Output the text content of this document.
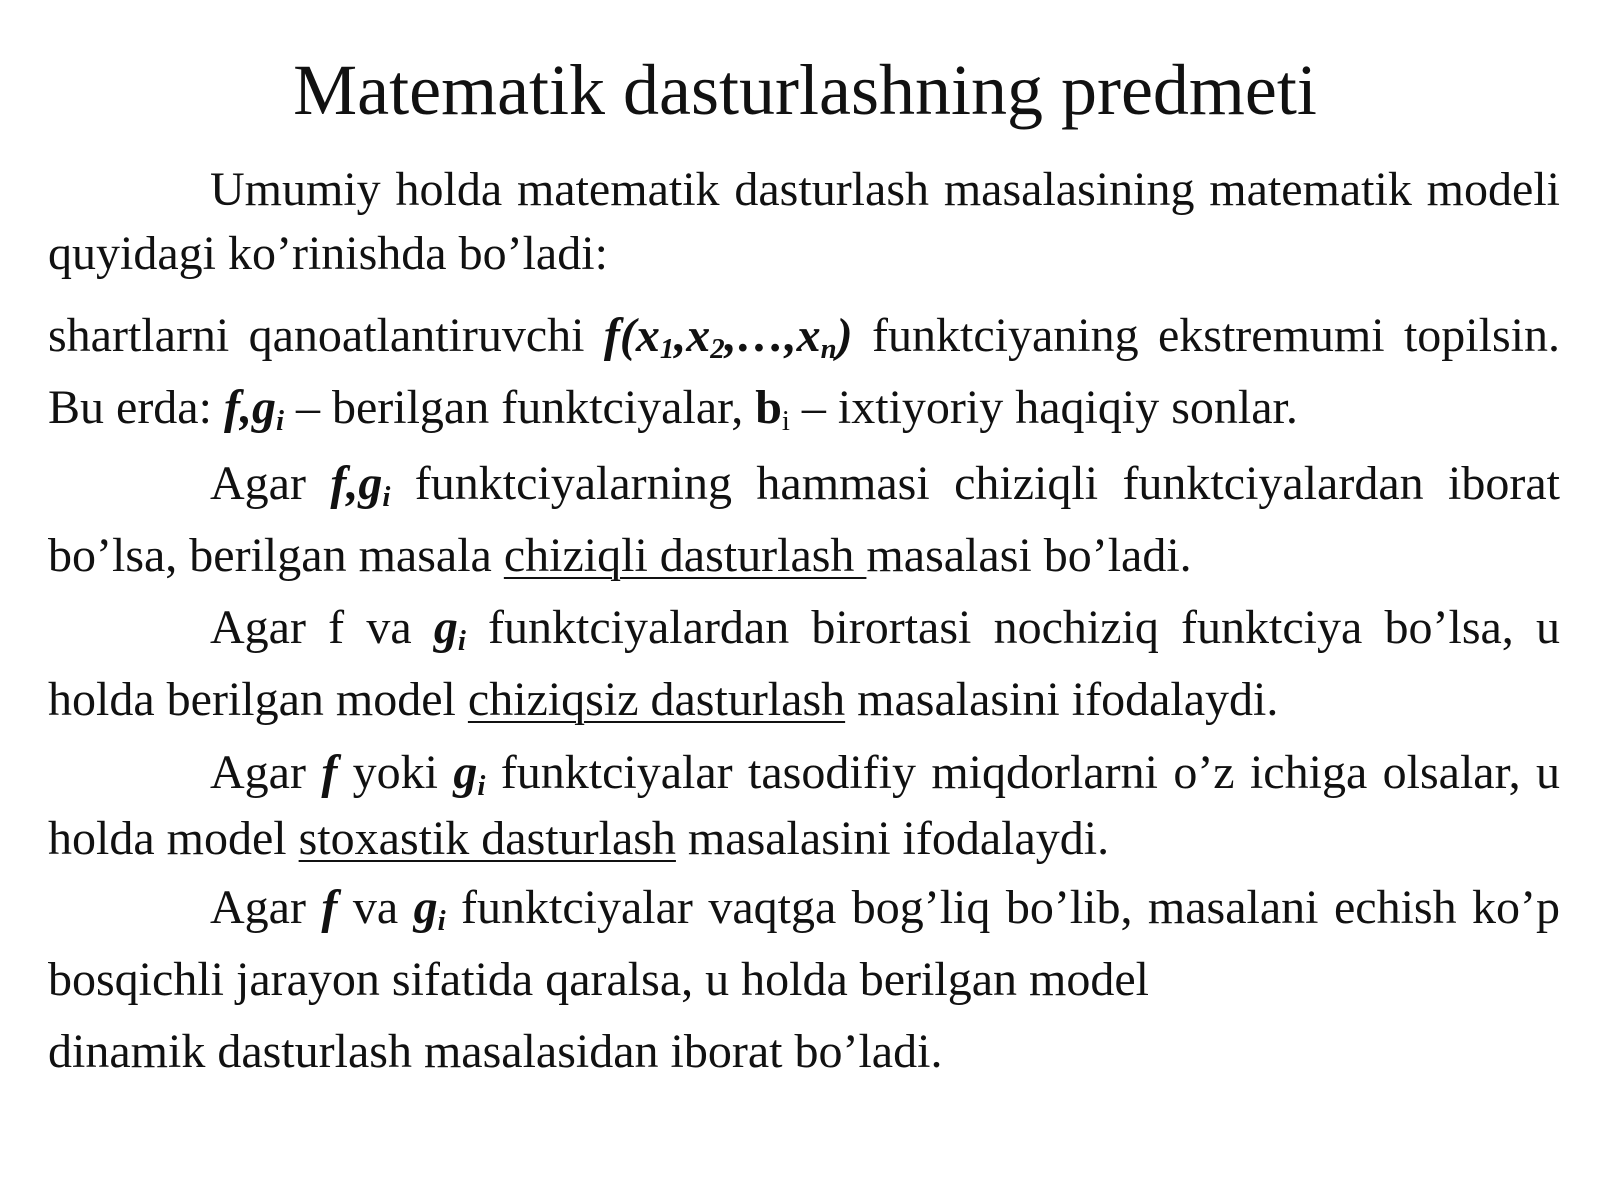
Matematik dasturlashning predmeti

Umumiy holda matematik dasturlash masalasining matematik modeli quyidagi ko’rinishda bo’ladi:

shartlarni qanoatlantiruvchi $f(x_1,x_2,\dots,x_n)$ funktciyaning ekstremumi topilsin. Bu erda: $f,g_i$ – berilgan funktciyalar, $b_i$ – ixtiyoriy haqiqiy sonlar.

Agar $f,g_i$ funktciyalarning hammasi chiziqli funktciyalardan iborat bo’lsa, berilgan masala chiziqli dasturlash masalasi bo’ladi.

Agar f va $g_i$ funktciyalardan birortasi nochiziq funktciya bo’lsa, u holda berilgan model chiziqsiz dasturlash masalasini ifodalaydi.

Agar f yoki $g_i$ funktciyalar tasodifiy miqdorlarni o’z ichiga olsalar, u holda model stoxastik dasturlash masalasini ifodalaydi.

Agar f va $g_i$ funktciyalar vaqtga bog’liq bo’lib, masalani echish ko’p bosqichli jarayon sifatida qaralsa, u holda berilgan model

dinamik dasturlash masalasidan iborat bo’ladi.
